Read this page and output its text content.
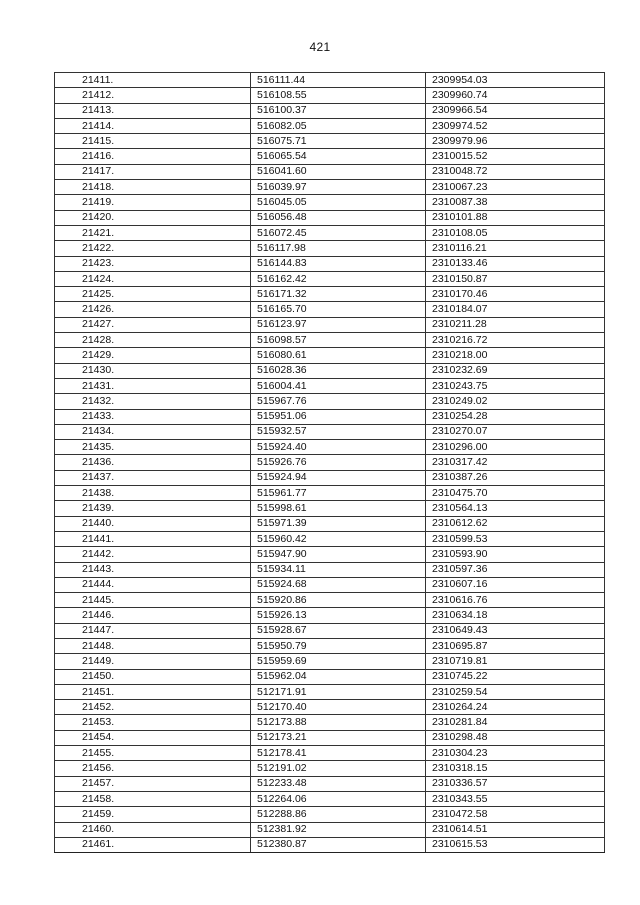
421
21411.	516111.44	2309954.03
21412.	516108.55	2309960.74
21413.	516100.37	2309966.54
21414.	516082.05	2309974.52
21415.	516075.71	2309979.96
21416.	516065.54	2310015.52
21417.	516041.60	2310048.72
21418.	516039.97	2310067.23
21419.	516045.05	2310087.38
21420.	516056.48	2310101.88
21421.	516072.45	2310108.05
21422.	516117.98	2310116.21
21423.	516144.83	2310133.46
21424.	516162.42	2310150.87
21425.	516171.32	2310170.46
21426.	516165.70	2310184.07
21427.	516123.97	2310211.28
21428.	516098.57	2310216.72
21429.	516080.61	2310218.00
21430.	516028.36	2310232.69
21431.	516004.41	2310243.75
21432.	515967.76	2310249.02
21433.	515951.06	2310254.28
21434.	515932.57	2310270.07
21435.	515924.40	2310296.00
21436.	515926.76	2310317.42
21437.	515924.94	2310387.26
21438.	515961.77	2310475.70
21439.	515998.61	2310564.13
21440.	515971.39	2310612.62
21441.	515960.42	2310599.53
21442.	515947.90	2310593.90
21443.	515934.11	2310597.36
21444.	515924.68	2310607.16
21445.	515920.86	2310616.76
21446.	515926.13	2310634.18
21447.	515928.67	2310649.43
21448.	515950.79	2310695.87
21449.	515959.69	2310719.81
21450.	515962.04	2310745.22
21451.	512171.91	2310259.54
21452.	512170.40	2310264.24
21453.	512173.88	2310281.84
21454.	512173.21	2310298.48
21455.	512178.41	2310304.23
21456.	512191.02	2310318.15
21457.	512233.48	2310336.57
21458.	512264.06	2310343.55
21459.	512288.86	2310472.58
21460.	512381.92	2310614.51
21461.	512380.87	2310615.53
